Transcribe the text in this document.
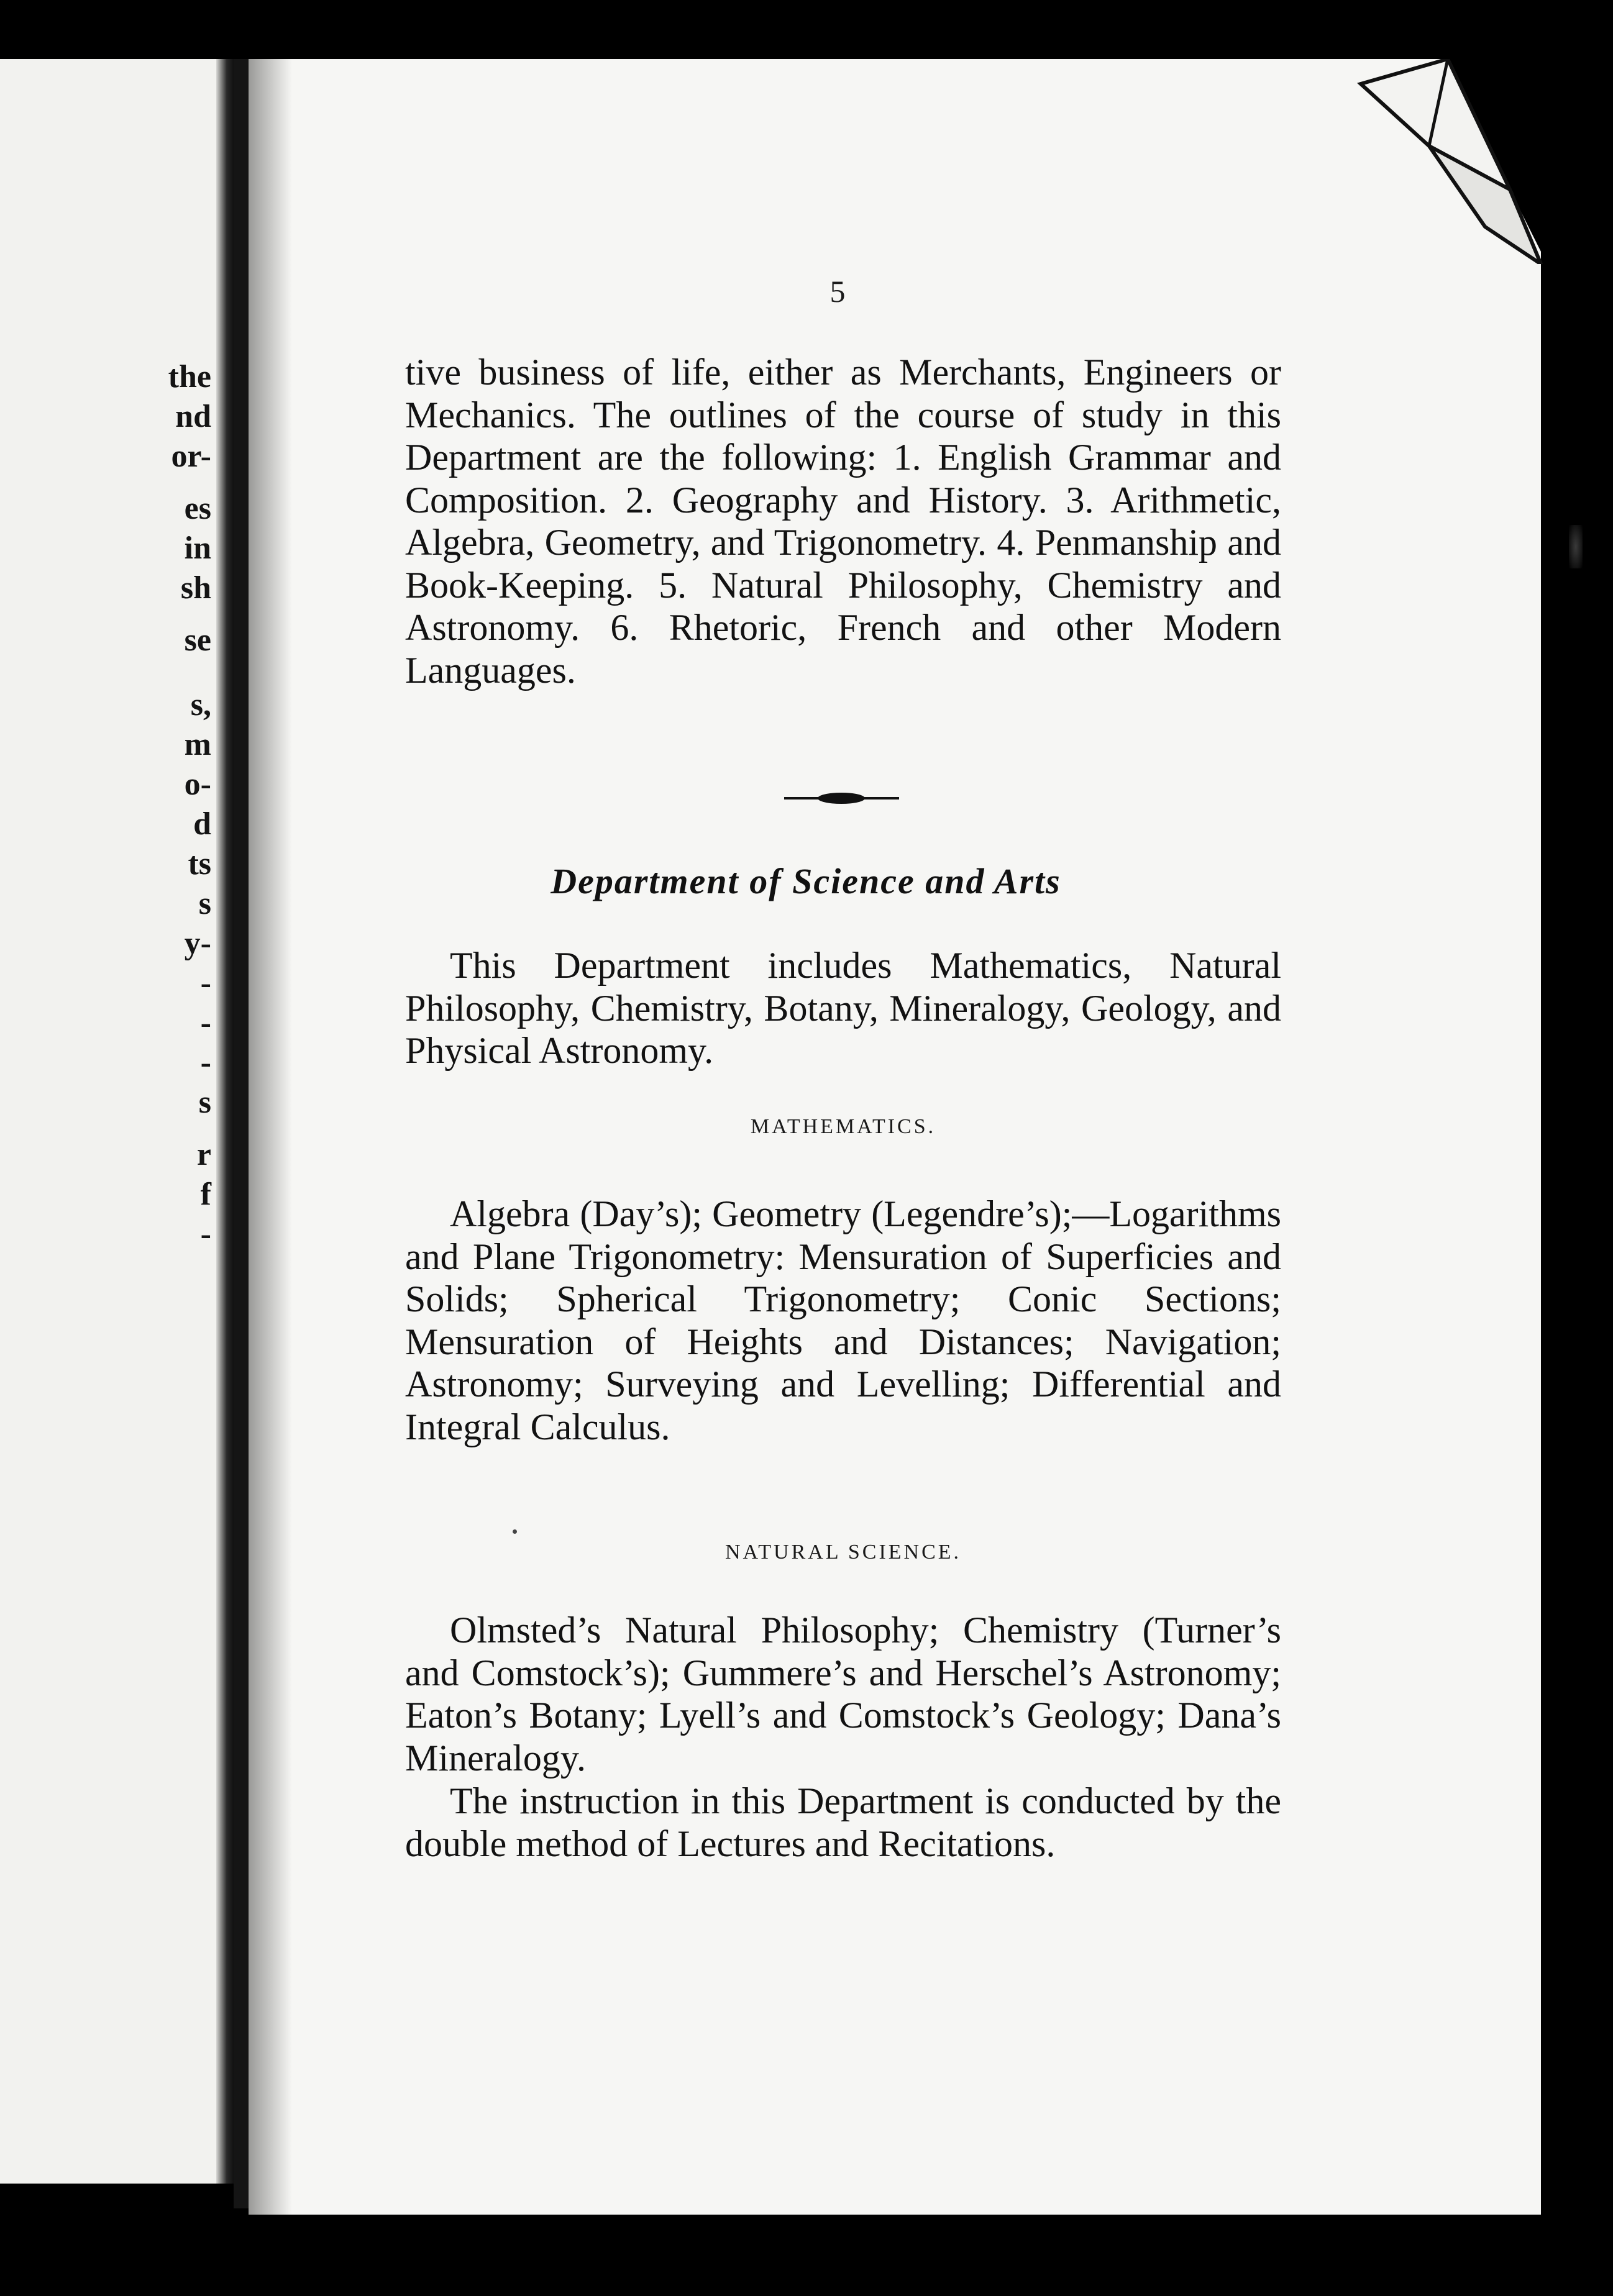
the
nd
or-
es
in
sh
se
s,
m
o-
d
ts
s
y-
-
-
-
s
r
f
-
5

tive business of life, either as Merchants, Engineers or Mechanics. The outlines of the course of study in this Department are the following: 1. English Grammar and Composition. 2. Geography and History. 3. Arithmetic, Algebra, Geometry, and Trigonometry. 4. Penmanship and Book-Keeping. 5. Natural Philosophy, Chemistry and Astronomy. 6. Rhetoric, French and other Modern Languages.

Department of Science and Arts

This Department includes Mathematics, Natural Philosophy, Chemistry, Botany, Mineralogy, Geology, and Physical Astronomy.

MATHEMATICS.

Algebra (Day’s); Geometry (Legendre’s);—Logarithms and Plane Trigonometry: Mensuration of Superficies and Solids; Spherical Trigonometry; Conic Sections; Mensuration of Heights and Distances; Navigation; Astronomy; Surveying and Levelling; Differential and Integral Calculus.

NATURAL SCIENCE.

Olmsted’s Natural Philosophy; Chemistry (Turner’s and Comstock’s); Gummere’s and Herschel’s Astronomy; Eaton’s Botany; Lyell’s and Comstock’s Geology; Dana’s Mineralogy.

The instruction in this Department is conducted by the double method of Lectures and Recitations.
